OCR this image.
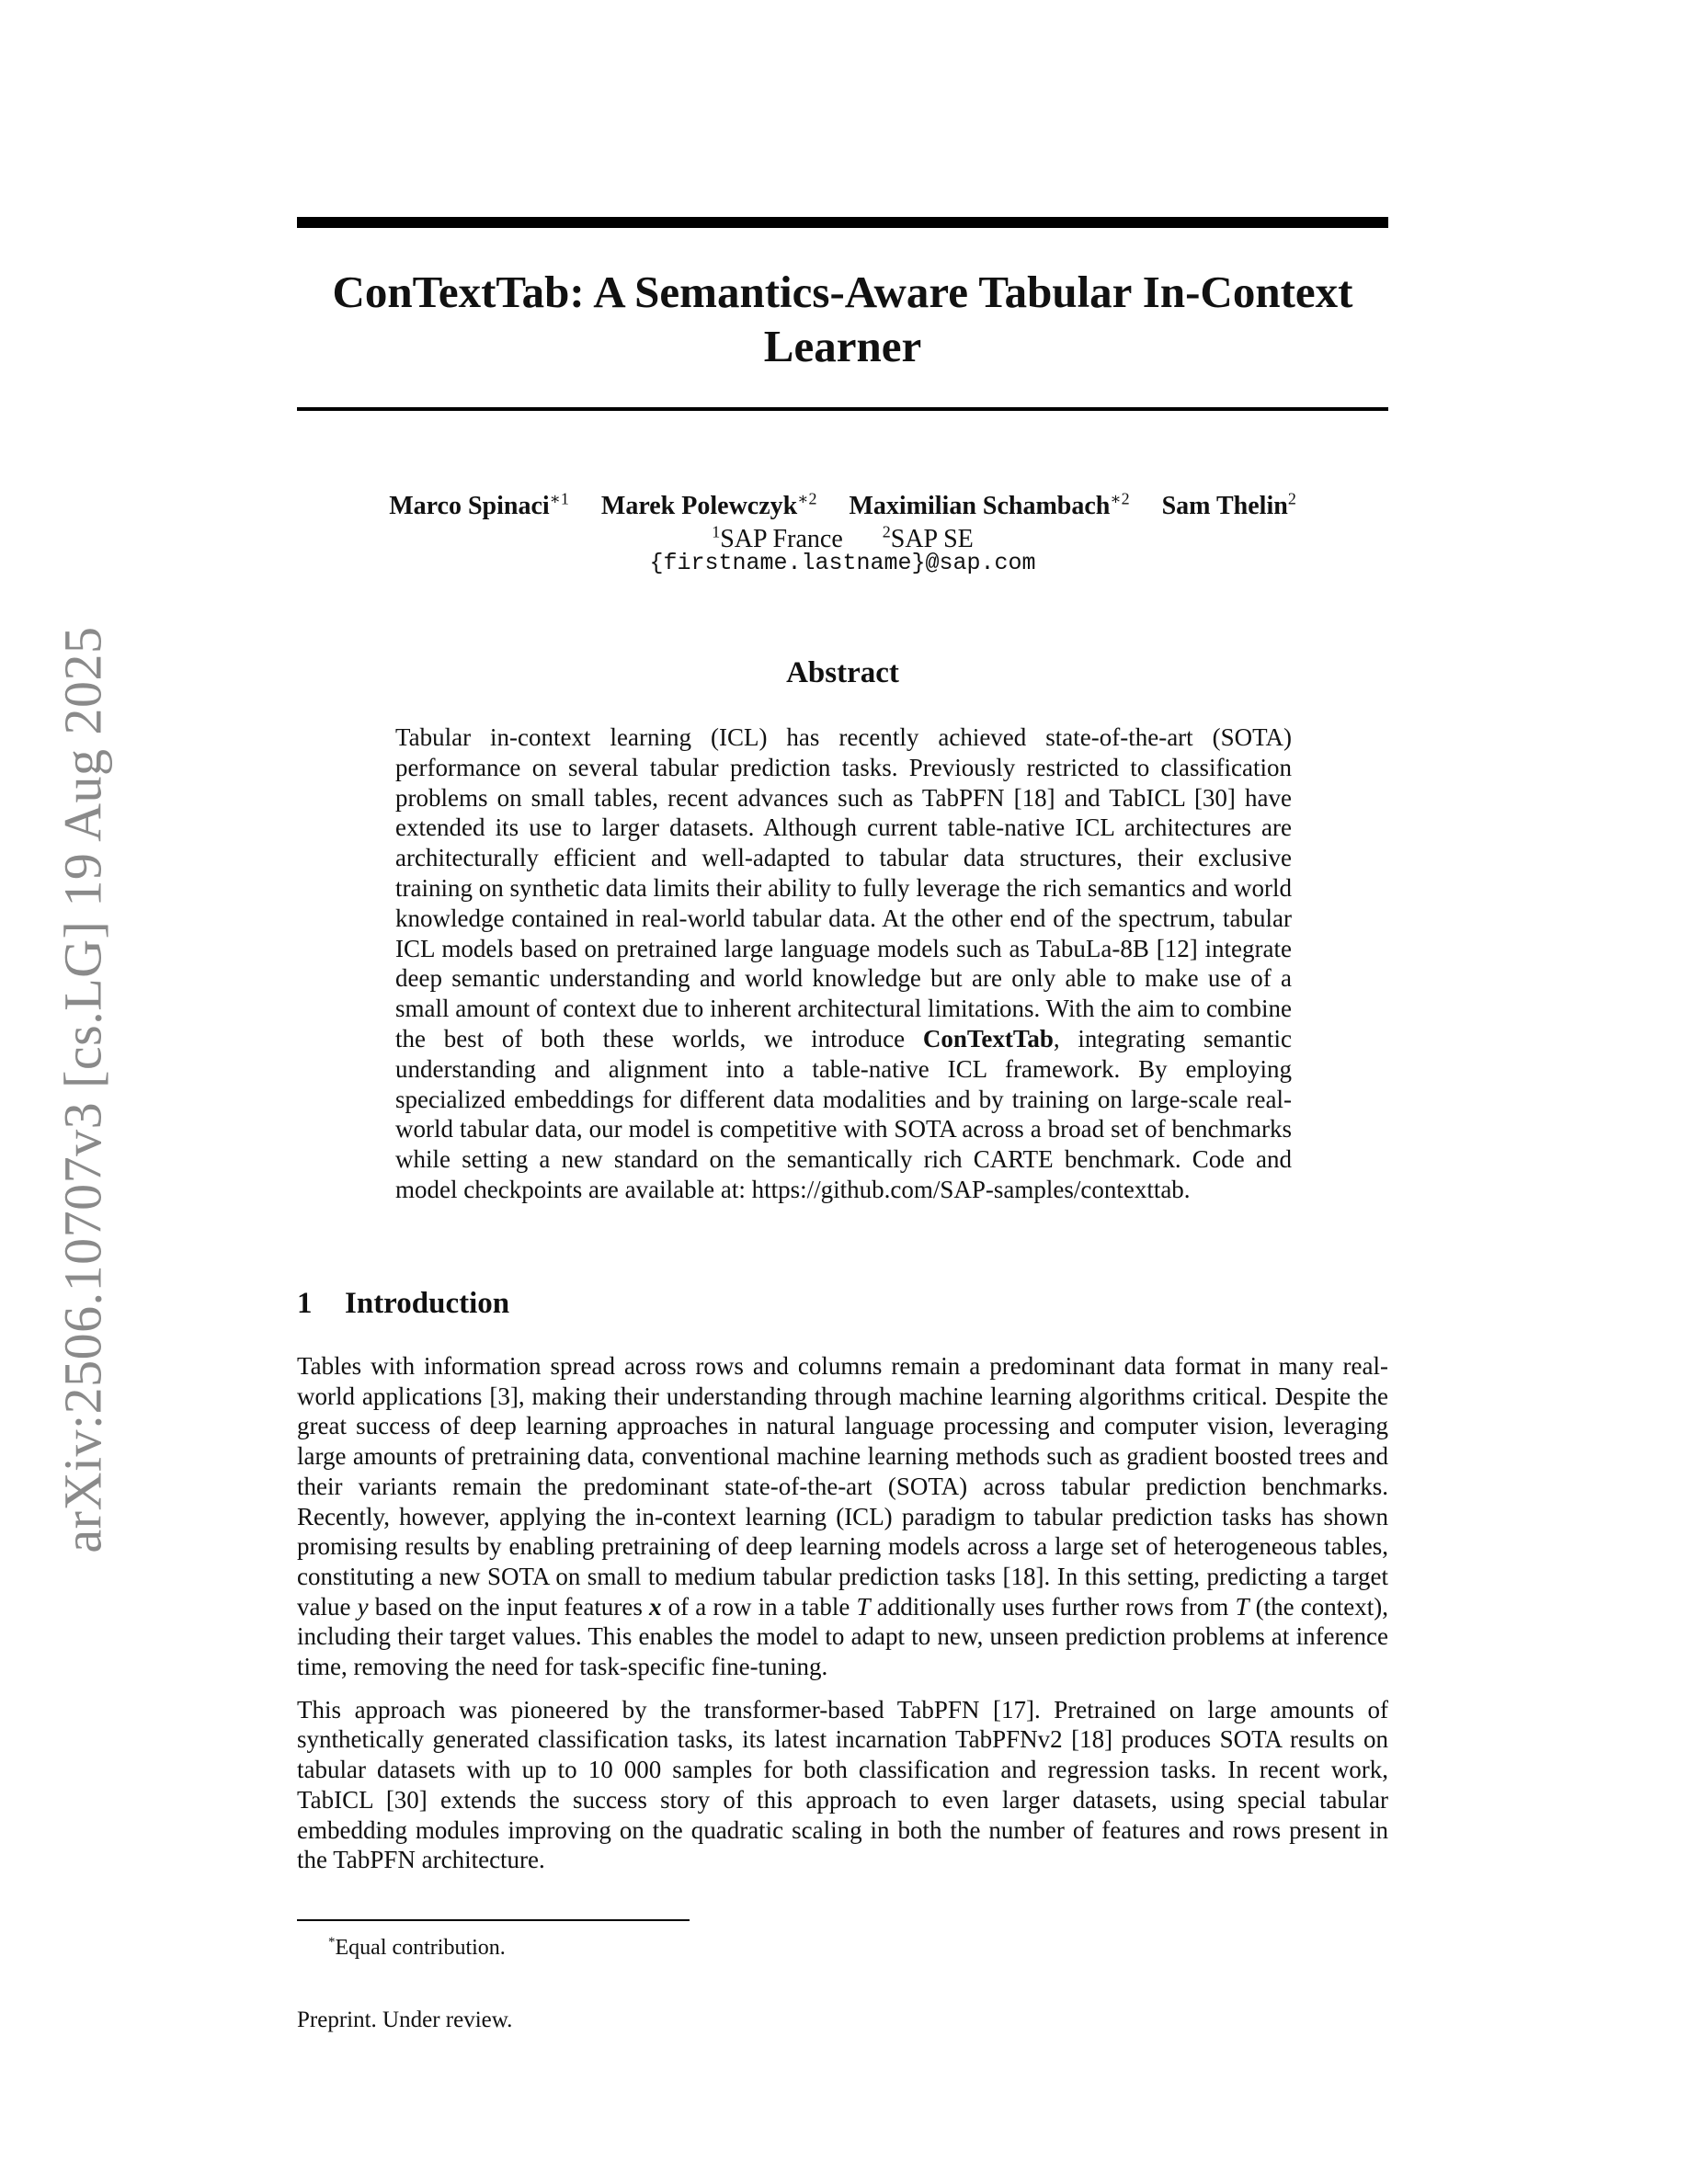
arXiv:2506.10707v3 [cs.LG] 19 Aug 2025
ConTextTab: A Semantics-Aware Tabular In-Context Learner
Marco Spinaci$^{∗1}$ Marek Polewczyk$^{∗2}$ Maximilian Schambach$^{∗2}$ Sam Thelin$^2$
$^1$SAP France $^2$SAP SE
{firstname.lastname}@sap.com
Abstract
Tabular in-context learning (ICL) has recently achieved state-of-the-art (SOTA) performance on several tabular prediction tasks. Previously restricted to classification problems on small tables, recent advances such as TabPFN [18] and TabICL [30] have extended its use to larger datasets. Although current table-native ICL architectures are architecturally efficient and well-adapted to tabular data structures, their exclusive training on synthetic data limits their ability to fully leverage the rich semantics and world knowledge contained in real-world tabular data. At the other end of the spectrum, tabular ICL models based on pretrained large language models such as TabuLa-8B [12] integrate deep semantic understanding and world knowledge but are only able to make use of a small amount of context due to inherent architectural limitations. With the aim to combine the best of both these worlds, we introduce ConTextTab, integrating semantic understanding and alignment into a table-native ICL framework. By employing specialized embeddings for different data modalities and by training on large-scale real-world tabular data, our model is competitive with SOTA across a broad set of benchmarks while setting a new standard on the semantically rich CARTE benchmark. Code and model checkpoints are available at: https://github.com/SAP-samples/contexttab.
1 Introduction

Tables with information spread across rows and columns remain a predominant data format in many real-world applications [3], making their understanding through machine learning algorithms critical. Despite the great success of deep learning approaches in natural language processing and computer vision, leveraging large amounts of pretraining data, conventional machine learning methods such as gradient boosted trees and their variants remain the predominant state-of-the-art (SOTA) across tabular prediction benchmarks. Recently, however, applying the in-context learning (ICL) paradigm to tabular prediction tasks has shown promising results by enabling pretraining of deep learning models across a large set of heterogeneous tables, constituting a new SOTA on small to medium tabular prediction tasks [18]. In this setting, predicting a target value y based on the input features x of a row in a table T additionally uses further rows from T (the context), including their target values. This enables the model to adapt to new, unseen prediction problems at inference time, removing the need for task-specific fine-tuning.

This approach was pioneered by the transformer-based TabPFN [17]. Pretrained on large amounts of synthetically generated classification tasks, its latest incarnation TabPFNv2 [18] produces SOTA results on tabular datasets with up to 10 000 samples for both classification and regression tasks. In recent work, TabICL [30] extends the success story of this approach to even larger datasets, using special tabular embedding modules improving on the quadratic scaling in both the number of features and rows present in the TabPFN architecture.

*Equal contribution.
Preprint. Under review.
